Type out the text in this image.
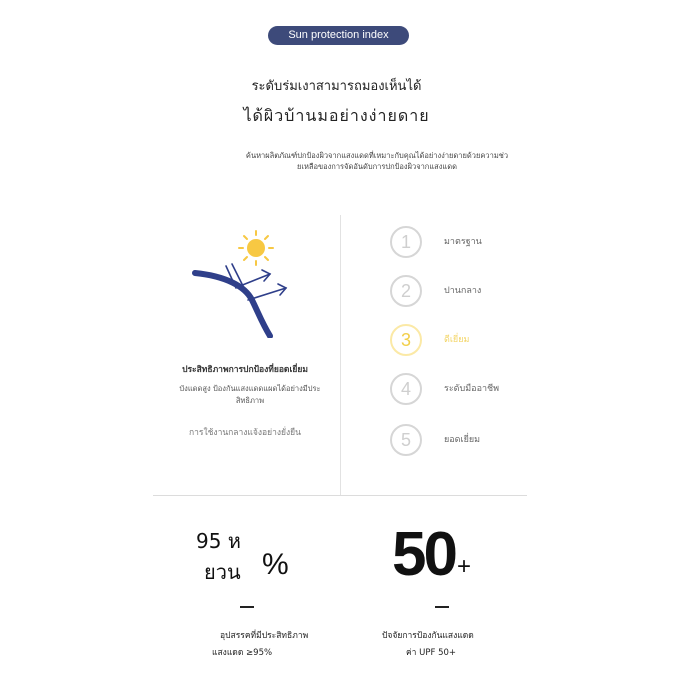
Sun protection index
ระดับร่มเงาสามารถมองเห็นได้
ได้ผิวบ้านมอย่างง่ายดาย
ค้นหาผลิตภัณฑ์ปกป้องผิวจากแสงแดดที่เหมาะกับคุณได้อย่างง่ายดายด้วยความช่ว
ยเหลือของการจัดอันดับการปกป้องผิวจากแสงแดด
ประสิทธิภาพการปกป้องที่ยอดเยี่ยม
บังแดดสูง ป้องกันแสงแดดแผดได้อย่างมีประ
สิทธิภาพ
การใช้งานกลางแจ้งอย่างยั่งยืน
1	มาตรฐาน
2	ปานกลาง
3	ดีเยี่ยม
4	ระดับมืออาชีพ
5	ยอดเยี่ยม
95 ห
ยวน %
อุปสรรคที่มีประสิทธิภาพ
แสงแดด ≥95%
50 +
ปัจจัยการป้องกันแสงแดด
ค่า UPF 50+
